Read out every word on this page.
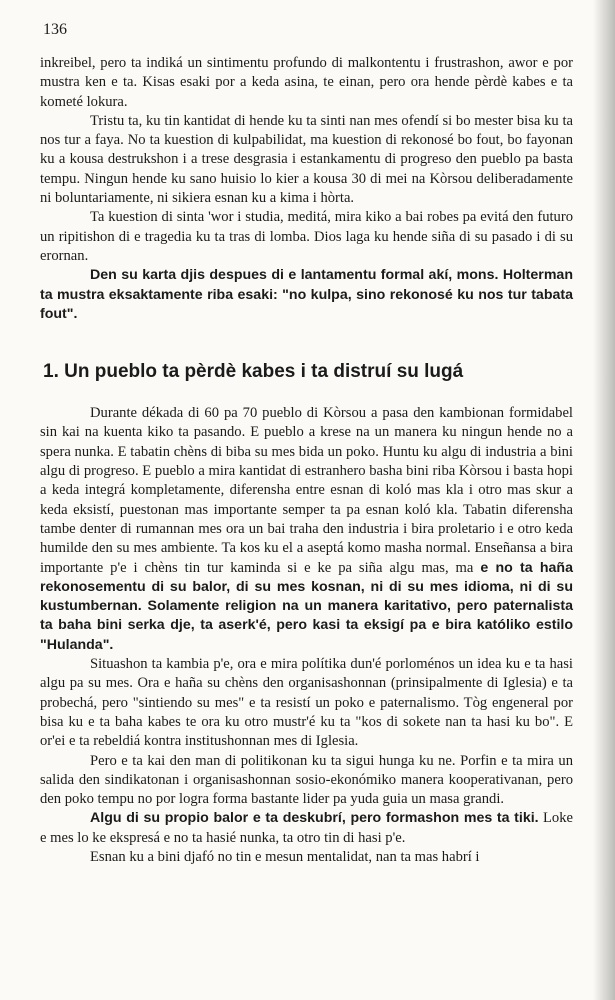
136

inkreibel, pero ta indiká un sintimentu profundo di malkontentu i frustrashon, awor e por mustra ken e ta. Kisas esaki por a keda asina, te einan, pero ora hende pèrdè kabes e ta kometé lokura.

Tristu ta, ku tin kantidat di hende ku ta sinti nan mes ofendí si bo mester bisa ku ta nos tur a faya. No ta kuestion di kulpabilidat, ma kuestion di rekonosé bo fout, bo fayonan ku a kousa destrukshon i a trese desgrasia i estankamentu di progreso den pueblo pa basta tempu. Ningun hende ku sano huisio lo kier a kousa 30 di mei na Kòrsou deliberadamente ni boluntariamente, ni sikiera esnan ku a kima i hòrta.

Ta kuestion di sinta 'wor i studia, meditá, mira kiko a bai robes pa evitá den futuro un ripitishon di e tragedia ku ta tras di lomba. Dios laga ku hende siña di su pasado i di su erornan.

Den su karta djis despues di e lantamentu formal akí, mons. Holterman ta mustra eksaktamente riba esaki: "no kulpa, sino rekonosé ku nos tur tabata fout".

1. Un pueblo ta pèrdè kabes i ta distruí su lugá

Durante dékada di 60 pa 70 pueblo di Kòrsou a pasa den kambionan formidabel sin kai na kuenta kiko ta pasando. E pueblo a krese na un manera ku ningun hende no a spera nunka. E tabatin chèns di biba su mes bida un poko. Huntu ku algu di industria a bini algu di progreso. E pueblo a mira kantidat di estranhero basha bini riba Kòrsou i basta hopi a keda integrá kompletamente, diferensha entre esnan di koló mas kla i otro mas skur a keda eksistí, puestonan mas importante semper ta pa esnan koló kla. Tabatin diferensha tambe denter di rumannan mes ora un bai traha den industria i bira proletario i e otro keda humilde den su mes ambiente. Ta kos ku el a aseptá komo masha normal. Enseñansa a bira importante p'e i chèns tin tur kaminda si e ke pa siña algu mas, ma e no ta haña rekonosementu di su balor, di su mes kosnan, ni di su mes idioma, ni di su kustumbernan. Solamente religion na un manera karitativo, pero paternalista ta baha bini serka dje, ta aserk'é, pero kasi ta eksigí pa e bira katóliko estilo "Hulanda".

Situashon ta kambia p'e, ora e mira polítika dun'é porloménos un idea ku e ta hasi algu pa su mes. Ora e haña su chèns den organisashonnan (prinsipalmente di Iglesia) e ta probechá, pero "sintiendo su mes" e ta resistí un poko e paternalismo. Tòg engeneral por bisa ku e ta baha kabes te ora ku otro mustr'é ku ta "kos di sokete nan ta hasi ku bo". E or'ei e ta rebeldiá kontra institushonnan mes di Iglesia.

Pero e ta kai den man di politikonan ku ta sigui hunga ku ne. Porfin e ta mira un salida den sindikatonan i organisashonnan sosio-ekonómiko manera kooperativanan, pero den poko tempu no por logra forma bastante lider pa yuda guia un masa grandi.

Algu di su propio balor e ta deskubrí, pero formashon mes ta tiki. Loke e mes lo ke ekspresá e no ta hasié nunka, ta otro tin di hasi p'e.

Esnan ku a bini djafó no tin e mesun mentalidat, nan ta mas habrí i
